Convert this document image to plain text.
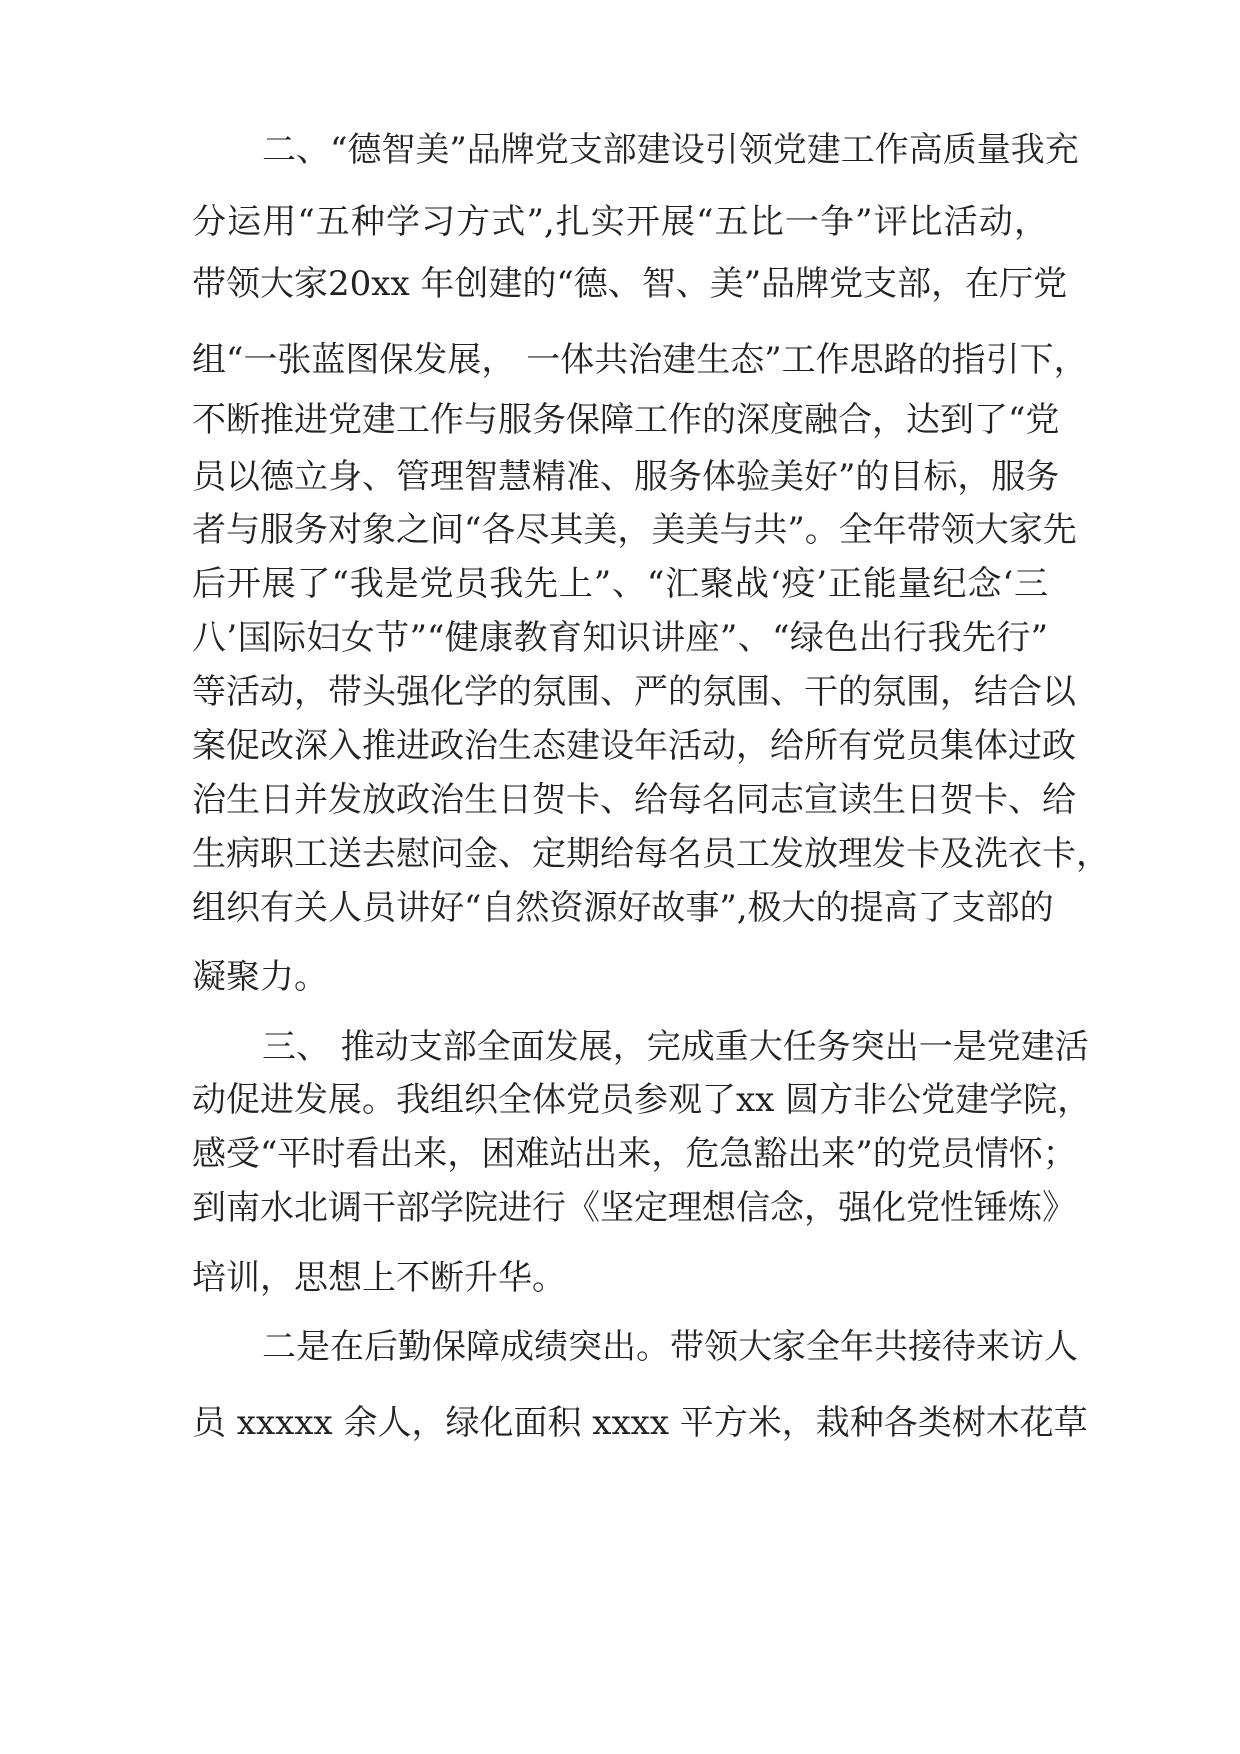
二、“德智美”品牌党支部建设引领党建工作高质量我充
分运用“五种学习方式”,扎实开展“五比一争”评比活动，
带领大家20xx 年创建的“德、智、美”品牌党支部，在厅党
组“一张蓝图保发展， 一体共治建生态”工作思路的指引下，
不断推进党建工作与服务保障工作的深度融合，达到了“党
员以德立身、管理智慧精准、服务体验美好”的目标，服务
者与服务对象之间“各尽其美，美美与共”。全年带领大家先
后开展了“我是党员我先上”、“汇聚战‘疫’正能量纪念‘三
八’国际妇女节”“健康教育知识讲座”、“绿色出行我先行”
等活动，带头强化学的氛围、严的氛围、干的氛围，结合以
案促改深入推进政治生态建设年活动，给所有党员集体过政
治生日并发放政治生日贺卡、给每名同志宣读生日贺卡、给
生病职工送去慰问金、定期给每名员工发放理发卡及洗衣卡，
组织有关人员讲好“自然资源好故事”,极大的提高了支部的
凝聚力。
三、 推动支部全面发展，完成重大任务突出一是党建活
动促进发展。我组织全体党员参观了xx 圆方非公党建学院，
感受“平时看出来，困难站出来，危急豁出来”的党员情怀；
到南水北调干部学院进行《坚定理想信念，强化党性锤炼》
培训，思想上不断升华。
二是在后勤保障成绩突出。带领大家全年共接待来访人
员 xxxxx 余人，绿化面积 xxxx 平方米，栽种各类树木花草
